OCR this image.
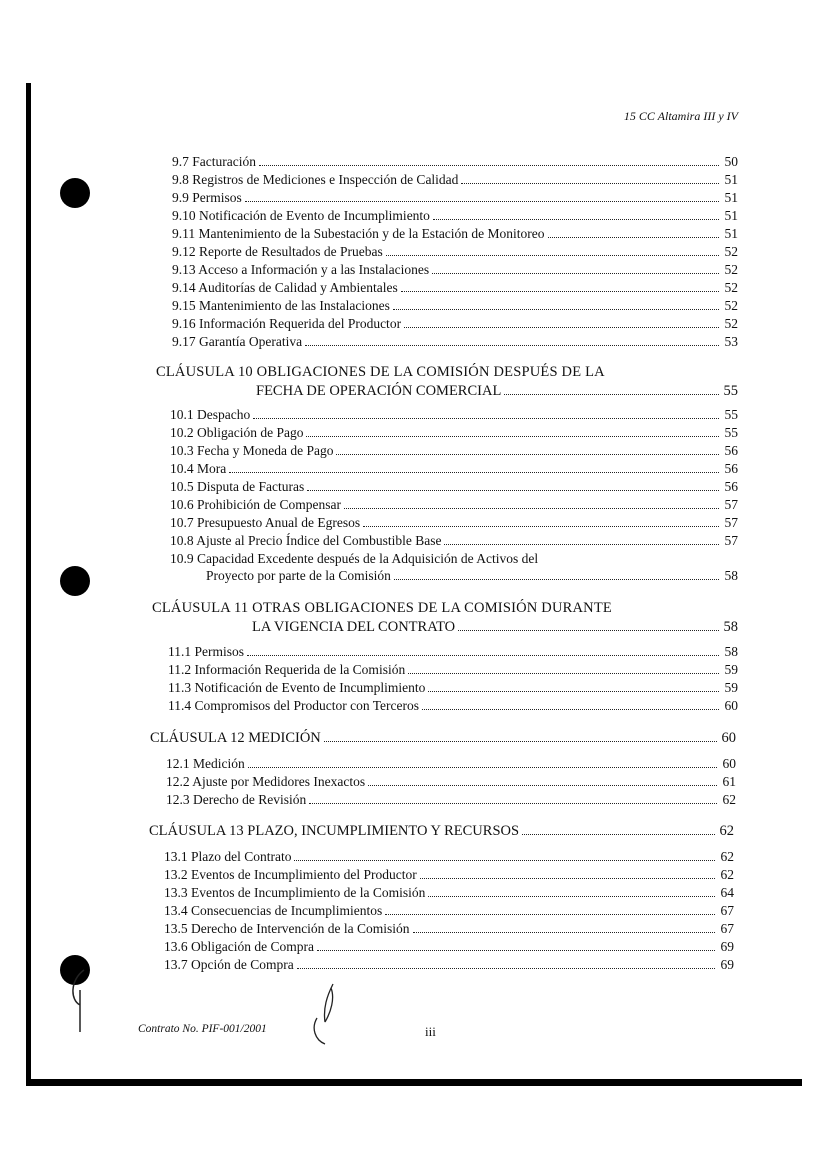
15 CC Altamira III y IV
9.7 Facturación	50
9.8 Registros de Mediciones e Inspección de Calidad	51
9.9 Permisos	51
9.10 Notificación de Evento de Incumplimiento	51
9.11 Mantenimiento de la Subestación y de la Estación de Monitoreo	51
9.12 Reporte de Resultados de Pruebas	52
9.13 Acceso a Información y a las Instalaciones	52
9.14 Auditorías de Calidad y Ambientales	52
9.15 Mantenimiento de las Instalaciones	52
9.16 Información Requerida del Productor	52
9.17 Garantía Operativa	53
CLÁUSULA 10 OBLIGACIONES DE LA COMISIÓN DESPUÉS DE LA
FECHA DE OPERACIÓN COMERCIAL	55
10.1 Despacho	55
10.2 Obligación de Pago	55
10.3 Fecha y Moneda de Pago	56
10.4 Mora	56
10.5 Disputa de Facturas	56
10.6 Prohibición de Compensar	57
10.7 Presupuesto Anual de Egresos	57
10.8 Ajuste al Precio Índice del Combustible Base	57
10.9 Capacidad Excedente después de la Adquisición de Activos del
Proyecto por parte de la Comisión	58
CLÁUSULA 11 OTRAS OBLIGACIONES DE LA COMISIÓN DURANTE
LA VIGENCIA DEL CONTRATO	58
11.1 Permisos	58
11.2 Información Requerida de la Comisión	59
11.3 Notificación de Evento de Incumplimiento	59
11.4 Compromisos del Productor con Terceros	60
CLÁUSULA 12 MEDICIÓN	60
12.1 Medición	60
12.2 Ajuste por Medidores Inexactos	61
12.3 Derecho de Revisión	62
CLÁUSULA 13 PLAZO, INCUMPLIMIENTO Y RECURSOS	62
13.1 Plazo del Contrato	62
13.2 Eventos de Incumplimiento del Productor	62
13.3 Eventos de Incumplimiento de la Comisión	64
13.4 Consecuencias de Incumplimientos	67
13.5 Derecho de Intervención de la Comisión	67
13.6 Obligación de Compra	69
13.7 Opción de Compra	69
Contrato No. PIF-001/2001	iii
